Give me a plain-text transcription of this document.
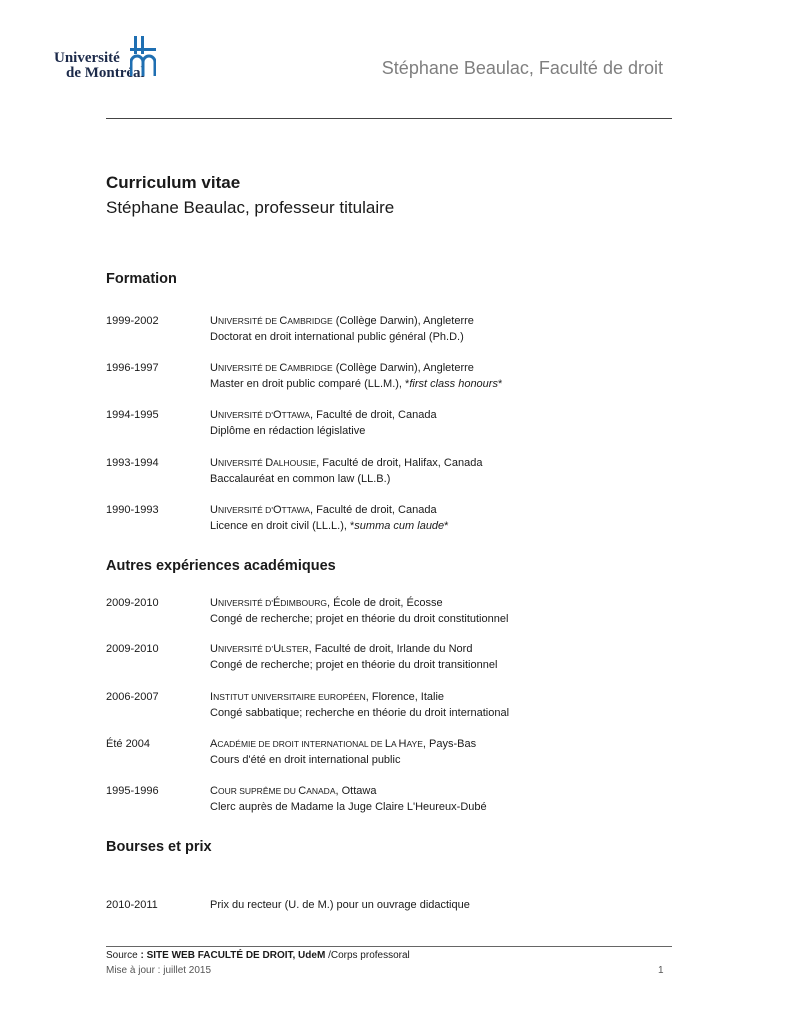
Université
de Montréal	Stéphane Beaulac, Faculté de droit
Curriculum vitae
Stéphane Beaulac, professeur titulaire
Formation
1999-2002	UNIVERSITÉ DE CAMBRIDGE (Collège Darwin), Angleterre
Doctorat en droit international public général (Ph.D.)
1996-1997	UNIVERSITÉ DE CAMBRIDGE (Collège Darwin), Angleterre
Master en droit public comparé (LL.M.), *first class honours*
1994-1995	UNIVERSITÉ D'OTTAWA, Faculté de droit, Canada
Diplôme en rédaction législative
1993-1994	UNIVERSITÉ DALHOUSIE, Faculté de droit, Halifax, Canada
Baccalauréat en common law (LL.B.)
1990-1993	UNIVERSITÉ D'OTTAWA, Faculté de droit, Canada
Licence en droit civil (LL.L.), *summa cum laude*
Autres expériences académiques
2009-2010	UNIVERSITÉ D'ÉDIMBOURG, École de droit, Écosse
Congé de recherche; projet en théorie du droit constitutionnel
2009-2010	UNIVERSITÉ D’ULSTER, Faculté de droit, Irlande du Nord
Congé de recherche; projet en théorie du droit transitionnel
2006-2007	INSTITUT UNIVERSITAIRE EUROPÉEN, Florence, Italie
Congé sabbatique; recherche en théorie du droit international
Été 2004	ACADÉMIE DE DROIT INTERNATIONAL DE LA HAYE, Pays-Bas
Cours d'été en droit international public
1995-1996	COUR SUPRÊME DU CANADA, Ottawa
Clerc auprès de Madame la Juge Claire L'Heureux-Dubé
Bourses et prix
2010-2011	Prix du recteur (U. de M.) pour un ouvrage didactique
Source : SITE WEB FACULTÉ DE DROIT, UdeM /Corps professoral
Mise à jour : juillet 2015	1
